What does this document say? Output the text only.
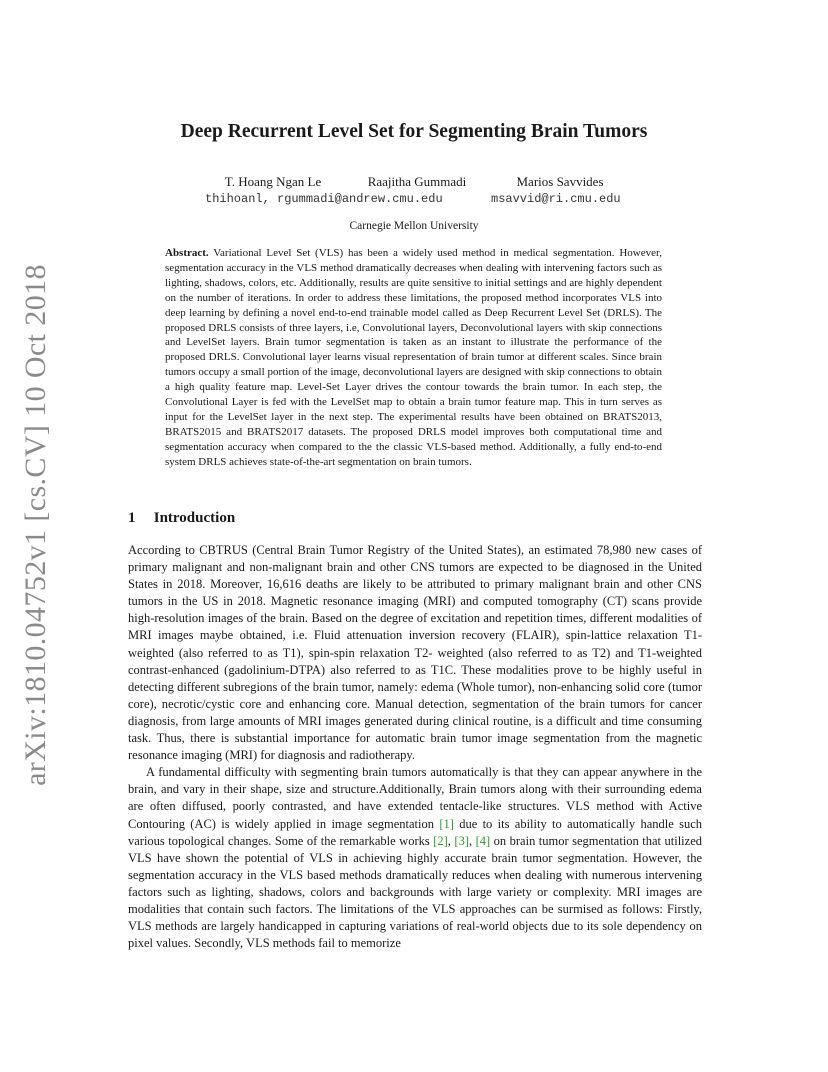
arXiv:1810.04752v1 [cs.CV] 10 Oct 2018
Deep Recurrent Level Set for Segmenting Brain Tumors
T. Hoang Ngan Le	Raajitha Gummadi	Marios Savvides
thihoanl, rgummadi@andrew.cmu.edu	msavvid@ri.cmu.edu
Carnegie Mellon University
Abstract. Variational Level Set (VLS) has been a widely used method in medical segmentation. However, segmentation accuracy in the VLS method dramatically decreases when dealing with intervening factors such as lighting, shadows, colors, etc. Additionally, results are quite sensitive to initial settings and are highly dependent on the number of iterations. In order to address these limitations, the proposed method incorporates VLS into deep learning by defining a novel end-to-end trainable model called as Deep Recurrent Level Set (DRLS). The proposed DRLS consists of three layers, i.e, Convolutional layers, Deconvolutional layers with skip connections and LevelSet layers. Brain tumor segmentation is taken as an instant to illustrate the performance of the proposed DRLS. Convolutional layer learns visual representation of brain tumor at different scales. Since brain tumors occupy a small portion of the image, deconvolutional layers are designed with skip connections to obtain a high quality feature map. Level-Set Layer drives the contour towards the brain tumor. In each step, the Convolutional Layer is fed with the LevelSet map to obtain a brain tumor feature map. This in turn serves as input for the LevelSet layer in the next step. The experimental results have been obtained on BRATS2013, BRATS2015 and BRATS2017 datasets. The proposed DRLS model improves both computational time and segmentation accuracy when compared to the the classic VLS-based method. Additionally, a fully end-to-end system DRLS achieves state-of-the-art segmentation on brain tumors.
1 Introduction

According to CBTRUS (Central Brain Tumor Registry of the United States), an estimated 78,980 new cases of primary malignant and non-malignant brain and other CNS tumors are expected to be diagnosed in the United States in 2018. Moreover, 16,616 deaths are likely to be attributed to primary malignant brain and other CNS tumors in the US in 2018. Magnetic resonance imaging (MRI) and computed tomography (CT) scans provide high-resolution images of the brain. Based on the degree of excitation and repetition times, different modalities of MRI images maybe obtained, i.e. Fluid attenuation inversion recovery (FLAIR), spin-lattice relaxation T1-weighted (also referred to as T1), spin-spin relaxation T2- weighted (also referred to as T2) and T1-weighted contrast-enhanced (gadolinium-DTPA) also referred to as T1C. These modalities prove to be highly useful in detecting different subregions of the brain tumor, namely: edema (Whole tumor), non-enhancing solid core (tumor core), necrotic/cystic core and enhancing core. Manual detection, segmentation of the brain tumors for cancer diagnosis, from large amounts of MRI images generated during clinical routine, is a difficult and time consuming task. Thus, there is substantial importance for automatic brain tumor image segmentation from the magnetic resonance imaging (MRI) for diagnosis and radiotherapy.

A fundamental difficulty with segmenting brain tumors automatically is that they can appear anywhere in the brain, and vary in their shape, size and structure.Additionally, Brain tumors along with their surrounding edema are often diffused, poorly contrasted, and have extended tentacle-like structures. VLS method with Active Contouring (AC) is widely applied in image segmentation [1] due to its ability to automatically handle such various topological changes. Some of the remarkable works [2], [3], [4] on brain tumor segmentation that utilized VLS have shown the potential of VLS in achieving highly accurate brain tumor segmentation. However, the segmentation accuracy in the VLS based methods dramatically reduces when dealing with numerous intervening factors such as lighting, shadows, colors and backgrounds with large variety or complexity. MRI images are modalities that contain such factors. The limitations of the VLS approaches can be surmised as follows: Firstly, VLS methods are largely handicapped in capturing variations of real-world objects due to its sole dependency on pixel values. Secondly, VLS methods fail to memorize
